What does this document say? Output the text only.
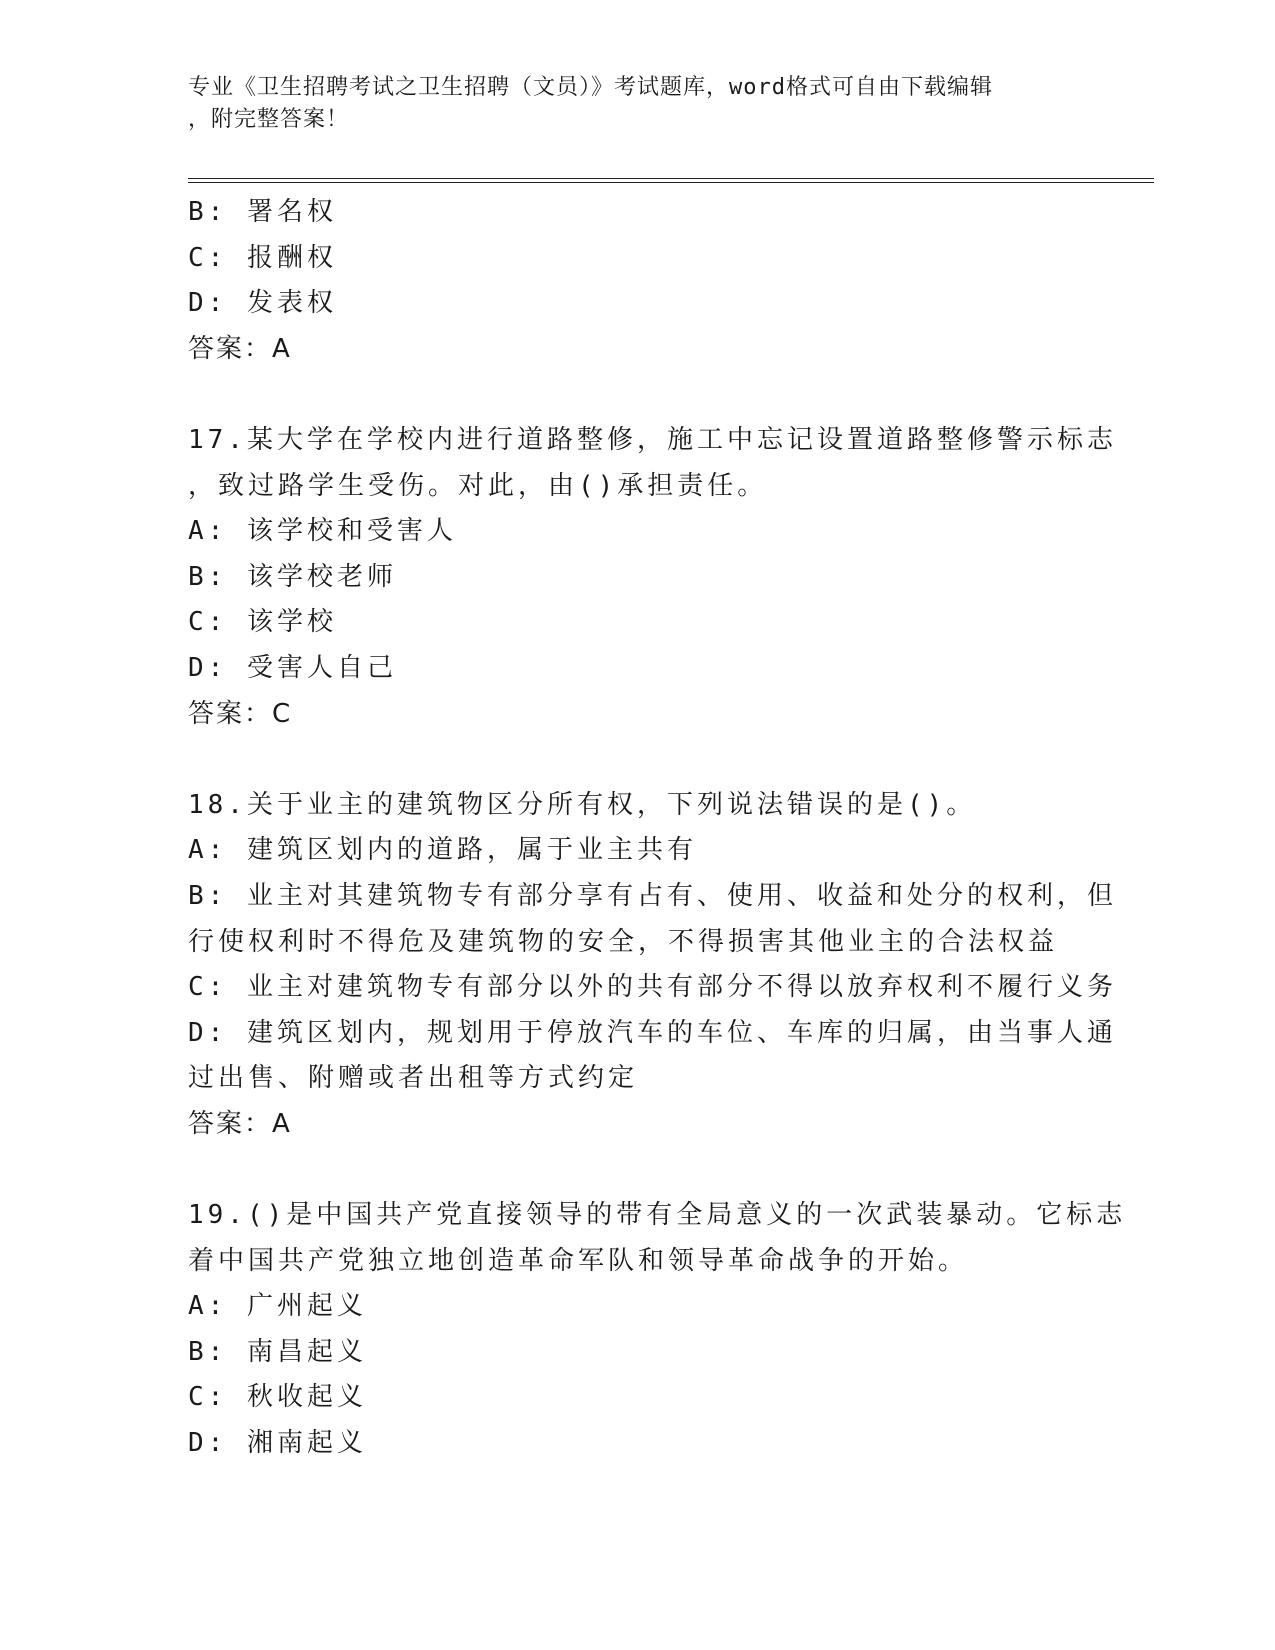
专业《卫生招聘考试之卫生招聘（文员）》考试题库，word格式可自由下载编辑
，附完整答案！
B: 署名权
C: 报酬权
D: 发表权
答案：A
17.某大学在学校内进行道路整修，施工中忘记设置道路整修警示标志
，致过路学生受伤。对此，由()承担责任。
A: 该学校和受害人
B: 该学校老师
C: 该学校
D: 受害人自己
答案：C
18.关于业主的建筑物区分所有权，下列说法错误的是()。
A: 建筑区划内的道路，属于业主共有
B: 业主对其建筑物专有部分享有占有、使用、收益和处分的权利，但
行使权利时不得危及建筑物的安全，不得损害其他业主的合法权益
C: 业主对建筑物专有部分以外的共有部分不得以放弃权利不履行义务
D: 建筑区划内，规划用于停放汽车的车位、车库的归属，由当事人通
过出售、附赠或者出租等方式约定
答案：A
19.()是中国共产党直接领导的带有全局意义的一次武装暴动。它标志
着中国共产党独立地创造革命军队和领导革命战争的开始。
A: 广州起义
B: 南昌起义
C: 秋收起义
D: 湘南起义
